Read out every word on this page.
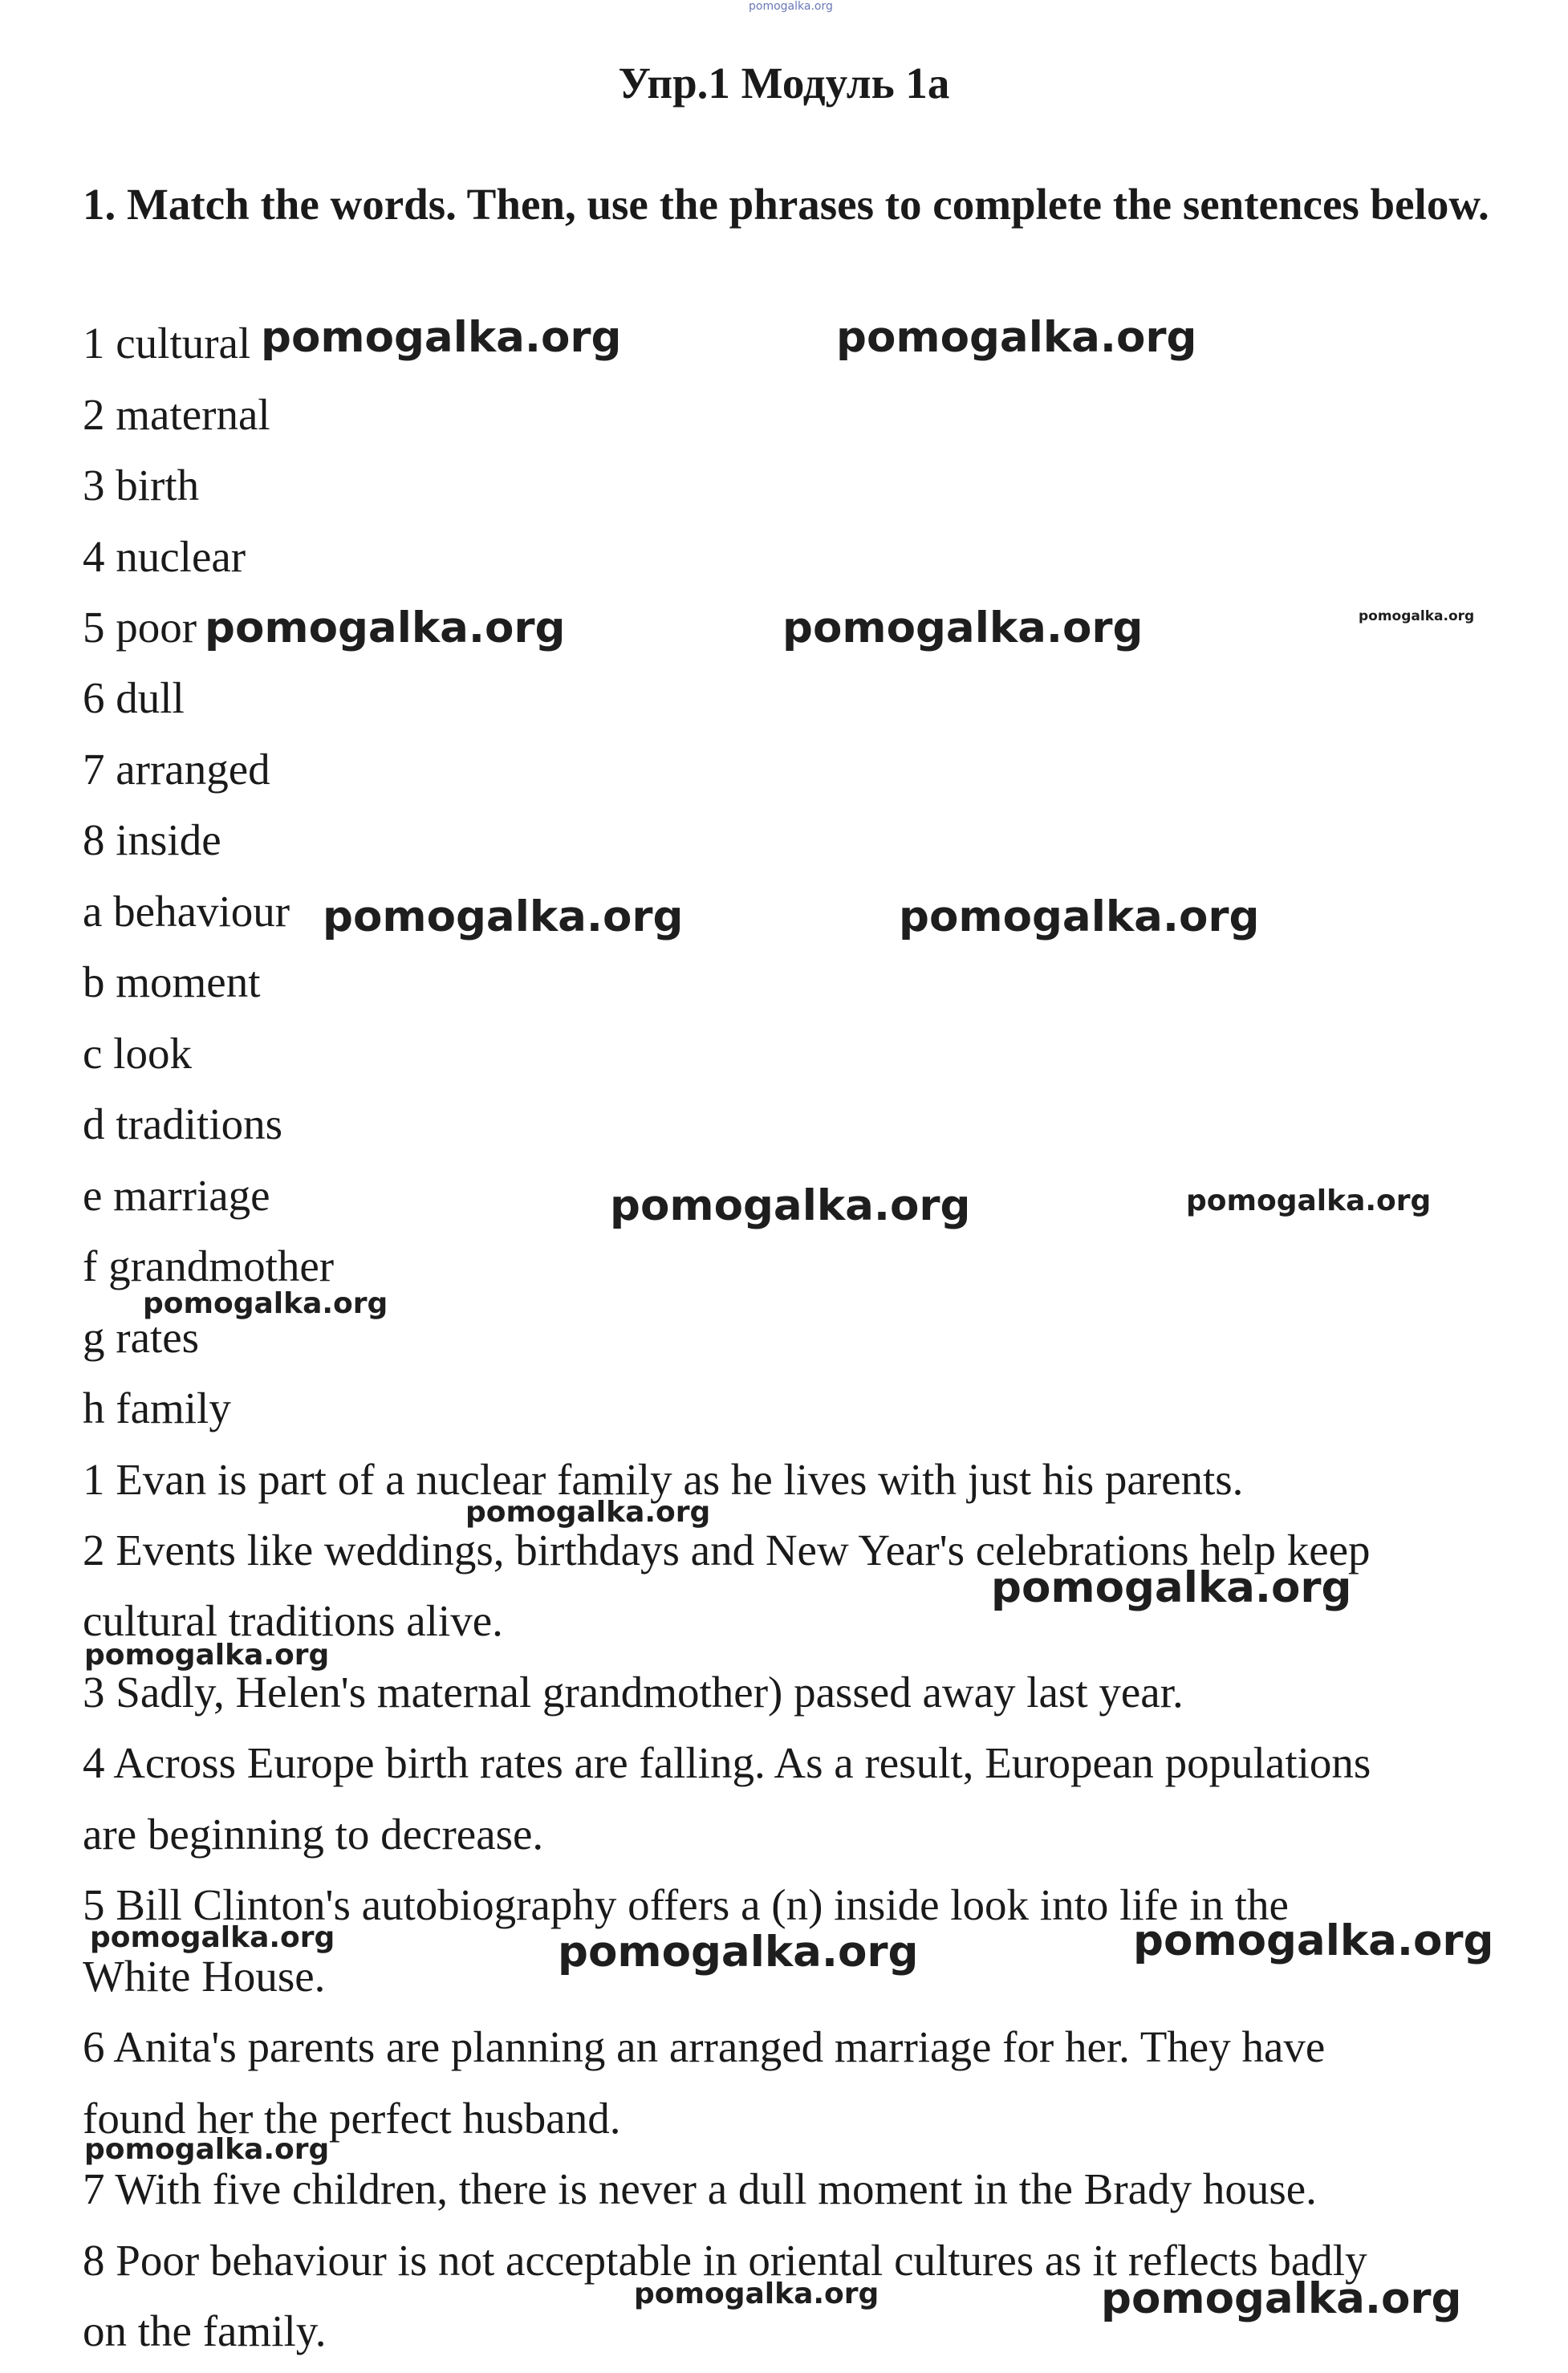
pomogalka.org
Упр.1 Модуль 1а

1. Match the words. Then, use the phrases to complete the sentences below.

1 cultural

2 maternal

3 birth

4 nuclear

5 poor

6 dull

7 arranged

8 inside

a behaviour

b moment

c look

d traditions

e marriage

f grandmother

g rates

h family

1 Evan is part of a nuclear family as he lives with just his parents.

2 Events like weddings, birthdays and New Year's celebrations help keep

cultural traditions alive.

3 Sadly, Helen's maternal grandmother) passed away last year.

4 Across Europe birth rates are falling. As a result, European populations

are beginning to decrease.

5 Bill Clinton's autobiography offers a (n) inside look into life in the

White House.

6 Anita's parents are planning an arranged marriage for her. They have

found her the perfect husband.

7 With five children, there is never a dull moment in the Brady house.

8 Poor behaviour is not acceptable in oriental cultures as it reflects badly

on the family.

pomogalka.org	pomogalka.org
pomogalka.org	pomogalka.org	pomogalka.org
pomogalka.org	pomogalka.org
pomogalka.org	pomogalka.org
pomogalka.org
pomogalka.org
pomogalka.org
pomogalka.org
pomogalka.org	pomogalka.org	pomogalka.org
pomogalka.org
pomogalka.org	pomogalka.org
